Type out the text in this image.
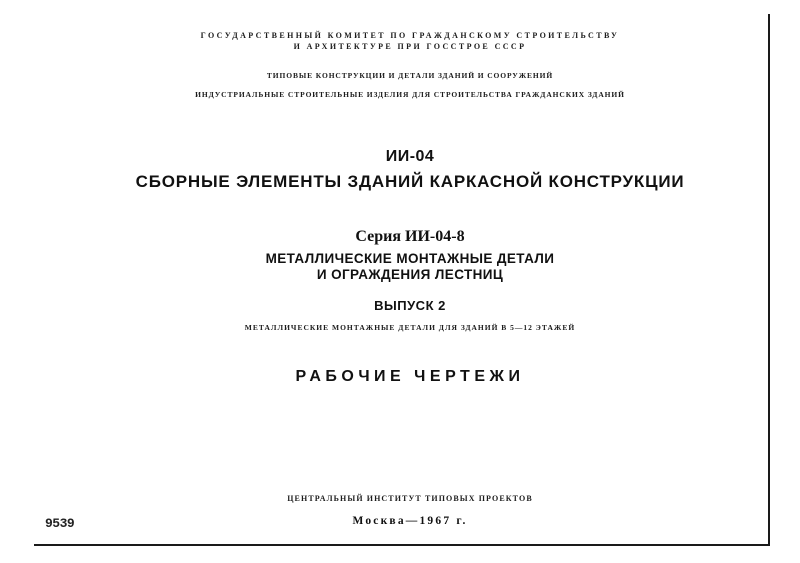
ГОСУДАРСТВЕННЫЙ КОМИТЕТ ПО ГРАЖДАНСКОМУ СТРОИТЕЛЬСТВУ
И АРХИТЕКТУРЕ ПРИ ГОССТРОЕ СССР
ТИПОВЫЕ КОНСТРУКЦИИ И ДЕТАЛИ ЗДАНИЙ И СООРУЖЕНИЙ
ИНДУСТРИАЛЬНЫЕ СТРОИТЕЛЬНЫЕ ИЗДЕЛИЯ ДЛЯ СТРОИТЕЛЬСТВА ГРАЖДАНСКИХ ЗДАНИЙ
ИИ-04
СБОРНЫЕ ЭЛЕМЕНТЫ ЗДАНИЙ КАРКАСНОЙ КОНСТРУКЦИИ
Серия ИИ-04-8
МЕТАЛЛИЧЕСКИЕ МОНТАЖНЫЕ ДЕТАЛИ
И ОГРАЖДЕНИЯ ЛЕСТНИЦ
ВЫПУСК 2
МЕТАЛЛИЧЕСКИЕ МОНТАЖНЫЕ ДЕТАЛИ ДЛЯ ЗДАНИЙ В 5—12 ЭТАЖЕЙ
РАБОЧИЕ ЧЕРТЕЖИ
ЦЕНТРАЛЬНЫЙ ИНСТИТУТ ТИПОВЫХ ПРОЕКТОВ
Москва—1967 г.
9539
